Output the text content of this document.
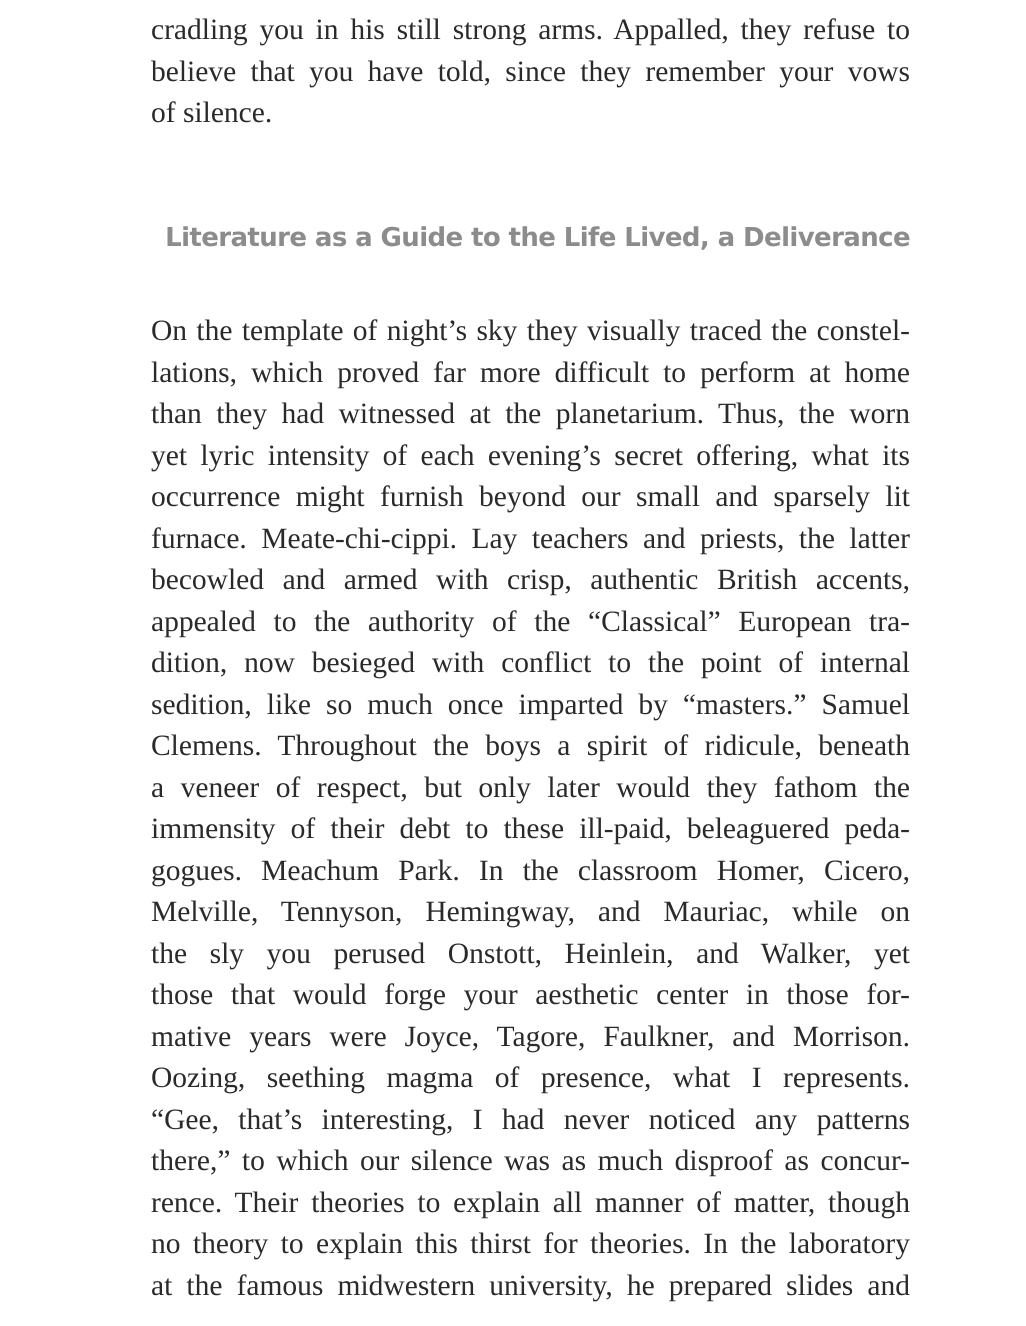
cradling you in his still strong arms. Appalled, they refuse to
believe that you have told, since they remember your vows
of silence.
Literature as a Guide to the Life Lived, a Deliverance
On the template of night’s sky they visually traced the constel-
lations, which proved far more difficult to perform at home
than they had witnessed at the planetarium. Thus, the worn
yet lyric intensity of each evening’s secret offering, what its
occurrence might furnish beyond our small and sparsely lit
furnace. Meate-chi-cippi. Lay teachers and priests, the latter
becowled and armed with crisp, authentic British accents,
appealed to the authority of the “Classical” European tra-
dition, now besieged with conflict to the point of internal
sedition, like so much once imparted by “masters.” Samuel
Clemens. Throughout the boys a spirit of ridicule, beneath
a veneer of respect, but only later would they fathom the
immensity of their debt to these ill-paid, beleaguered peda-
gogues. Meachum Park. In the classroom Homer, Cicero,
Melville, Tennyson, Hemingway, and Mauriac, while on
the sly you perused Onstott, Heinlein, and Walker, yet
those that would forge your aesthetic center in those for-
mative years were Joyce, Tagore, Faulkner, and Morrison.
Oozing, seething magma of presence, what I represents.
“Gee, that’s interesting, I had never noticed any patterns
there,” to which our silence was as much disproof as concur-
rence. Their theories to explain all manner of matter, though
no theory to explain this thirst for theories. In the laboratory
at the famous midwestern university, he prepared slides and
